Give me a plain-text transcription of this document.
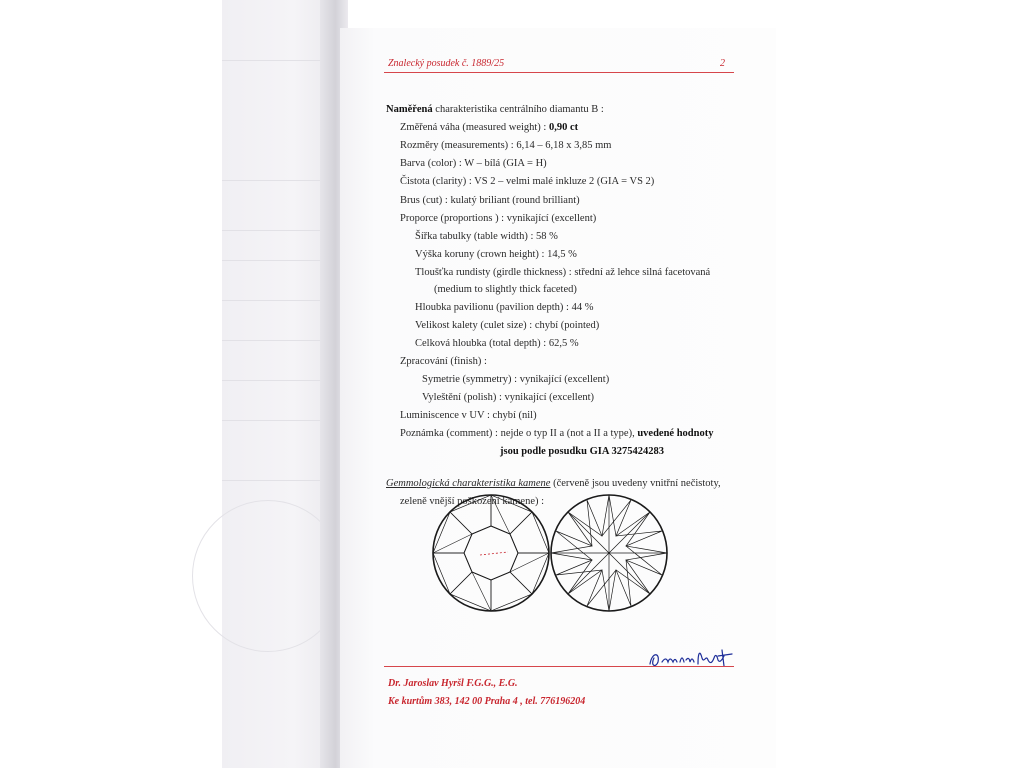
Znalecký posudek č. 1889/25	2
Naměřená charakteristika centrálního diamantu B :
Změřená váha (measured weight) : 0,90 ct
Rozměry (measurements) : 6,14 – 6,18 x 3,85 mm
Barva (color) : W – bílá (GIA = H)
Čistota (clarity) : VS 2 – velmi malé inkluze 2 (GIA = VS 2)
Brus (cut) : kulatý briliant (round brilliant)
Proporce (proportions ) : vynikající (excellent)
Šířka tabulky (table width) : 58 %
Výška koruny (crown height) : 14,5 %
Tloušťka rundisty (girdle thickness) : střední až lehce silná facetovaná
(medium to slightly thick faceted)
Hloubka pavilionu (pavilion depth) : 44 %
Velikost kalety (culet size) : chybí (pointed)
Celková hloubka (total depth) : 62,5 %
Zpracování (finish) :
Symetrie (symmetry) : vynikající (excellent)
Vyleštění (polish) : vynikající (excellent)
Luminiscence v UV : chybí (nil)
Poznámka (comment) : nejde o typ II a (not a II a type), uvedené hodnoty
jsou podle posudku GIA 3275424283
Gemmologická charakteristika kamene (červeně jsou uvedeny vnitřní nečistoty,
zeleně vnější poškození kamene) :
Dr. Jaroslav Hyršl F.G.G., E.G.
Ke kurtům 383, 142 00 Praha 4 , tel. 776196204
